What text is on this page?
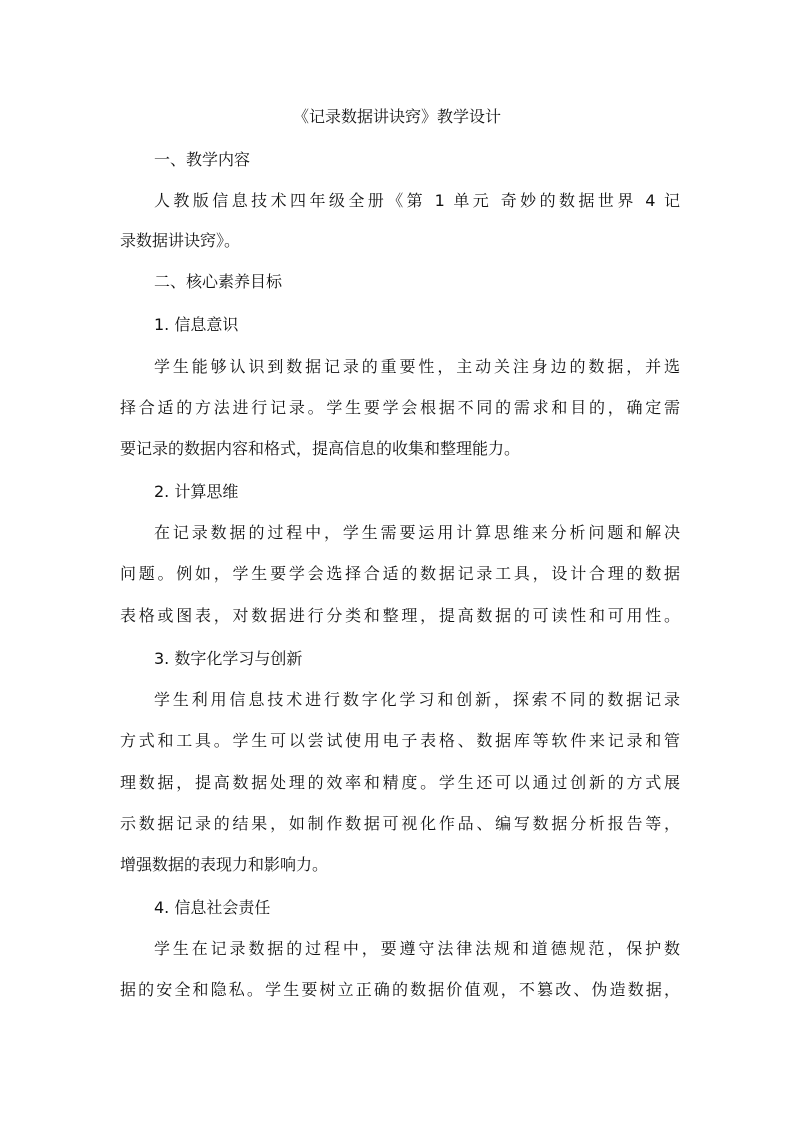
《记录数据讲诀窍》教学设计

一、教学内容

人教版信息技术四年级全册《第 1 单元 奇妙的数据世界 4 记

录数据讲诀窍》。

二、核心素养目标

1. 信息意识

学生能够认识到数据记录的重要性，主动关注身边的数据，并选

择合适的方法进行记录。学生要学会根据不同的需求和目的，确定需

要记录的数据内容和格式，提高信息的收集和整理能力。

2. 计算思维

在记录数据的过程中，学生需要运用计算思维来分析问题和解决

问题。例如，学生要学会选择合适的数据记录工具，设计合理的数据

表格或图表，对数据进行分类和整理，提高数据的可读性和可用性。

3. 数字化学习与创新

学生利用信息技术进行数字化学习和创新，探索不同的数据记录

方式和工具。学生可以尝试使用电子表格、数据库等软件来记录和管

理数据，提高数据处理的效率和精度。学生还可以通过创新的方式展

示数据记录的结果，如制作数据可视化作品、编写数据分析报告等，

增强数据的表现力和影响力。

4. 信息社会责任

学生在记录数据的过程中，要遵守法律法规和道德规范，保护数

据的安全和隐私。学生要树立正确的数据价值观，不篡改、伪造数据，
